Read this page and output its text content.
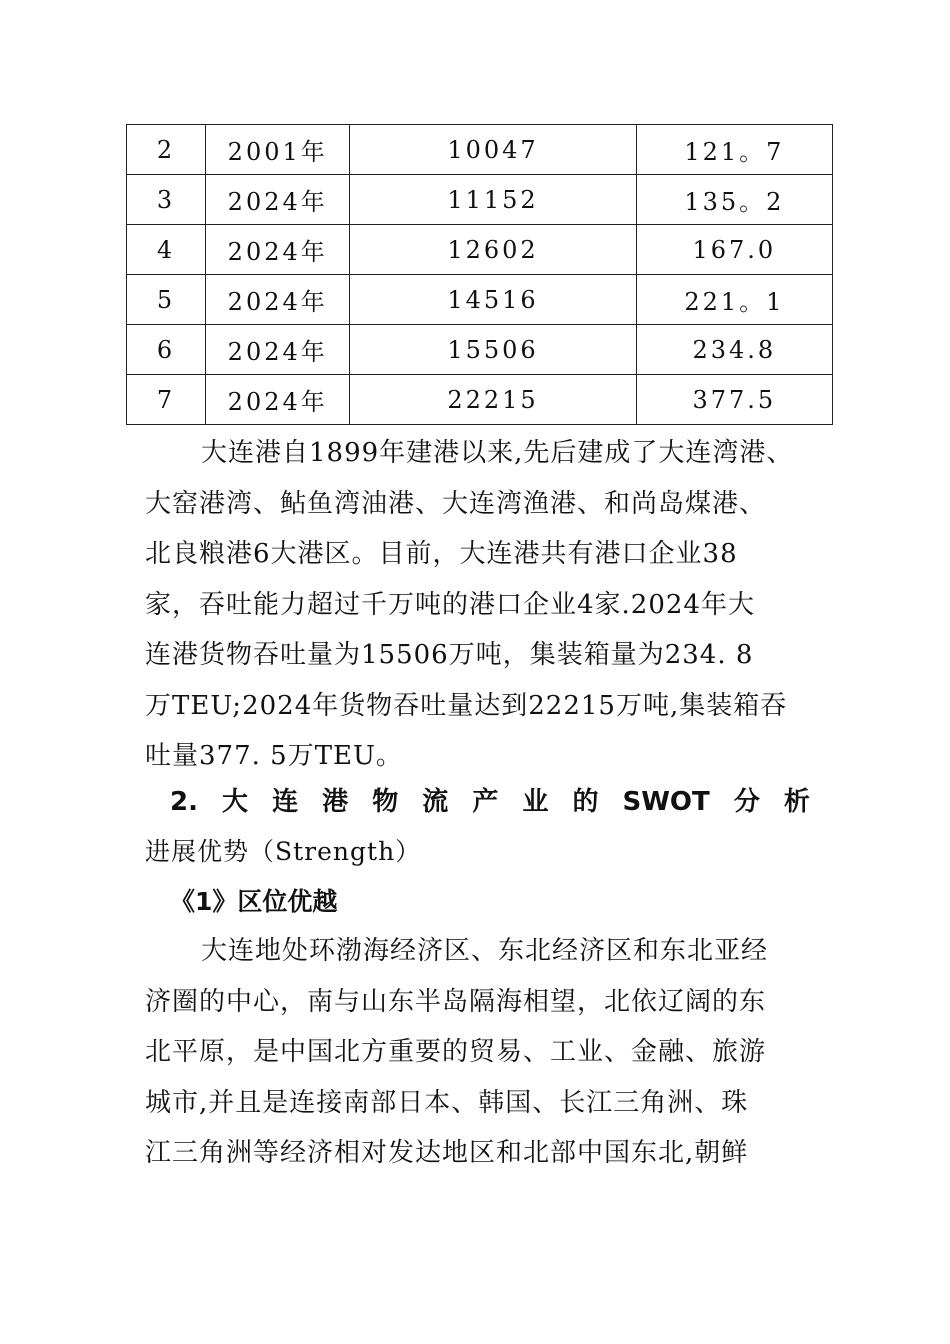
2	2001年	10047	121。7
3	2024年	11152	135。2
4	2024年	12602	167.0
5	2024年	14516	221。1
6	2024年	15506	234.8
7	2024年	22215	377.5

大连港自1899年建港以来,先后建成了大连湾港、

大窑港湾、鲇鱼湾油港、大连湾渔港、和尚岛煤港、

北良粮港6大港区。目前，大连港共有港口企业38

家，吞吐能力超过千万吨的港口企业4家.2024年大

连港货物吞吐量为15506万吨，集装箱量为234. 8

万TEU;2024年货物吞吐量达到22215万吨,集装箱吞

吐量377. 5万TEU。

2. 大 连 港 物 流 产 业 的 SWOT 分 析
进展优势（Strength）
《1》区位优越

大连地处环渤海经济区、东北经济区和东北亚经

济圈的中心，南与山东半岛隔海相望，北依辽阔的东

北平原，是中国北方重要的贸易、工业、金融、旅游

城市,并且是连接南部日本、韩国、长江三角洲、珠

江三角洲等经济相对发达地区和北部中国东北,朝鲜
